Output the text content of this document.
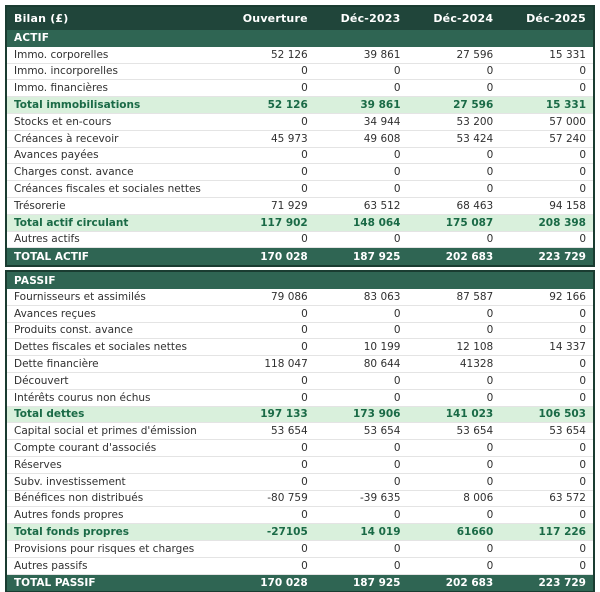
Bilan (£)	Ouverture	Déc-2023	Déc-2024	Déc-2025
ACTIF
Immo. corporelles	52 126	39 861	27 596	15 331
Immo. incorporelles	0	0	0	0
Immo. financières	0	0	0	0
Total immobilisations	52 126	39 861	27 596	15 331
Stocks et en-cours	0	34 944	53 200	57 000
Créances à recevoir	45 973	49 608	53 424	57 240
Avances payées	0	0	0	0
Charges const. avance	0	0	0	0
Créances fiscales et sociales nettes	0	0	0	0
Trésorerie	71 929	63 512	68 463	94 158
Total actif circulant	117 902	148 064	175 087	208 398
Autres actifs	0	0	0	0
TOTAL ACTIF	170 028	187 925	202 683	223 729
PASSIF
Fournisseurs et assimilés	79 086	83 063	87 587	92 166
Avances reçues	0	0	0	0
Produits const. avance	0	0	0	0
Dettes fiscales et sociales nettes	0	10 199	12 108	14 337
Dette financière	118 047	80 644	41328	0
Découvert	0	0	0	0
Intérêts courus non échus	0	0	0	0
Total dettes	197 133	173 906	141 023	106 503
Capital social et primes d'émission	53 654	53 654	53 654	53 654
Compte courant d'associés	0	0	0	0
Réserves	0	0	0	0
Subv. investissement	0	0	0	0
Bénéfices non distribués	-80 759	-39 635	8 006	63 572
Autres fonds propres	0	0	0	0
Total fonds propres	-27105	14 019	61660	117 226
Provisions pour risques et charges	0	0	0	0
Autres passifs	0	0	0	0
TOTAL PASSIF	170 028	187 925	202 683	223 729
